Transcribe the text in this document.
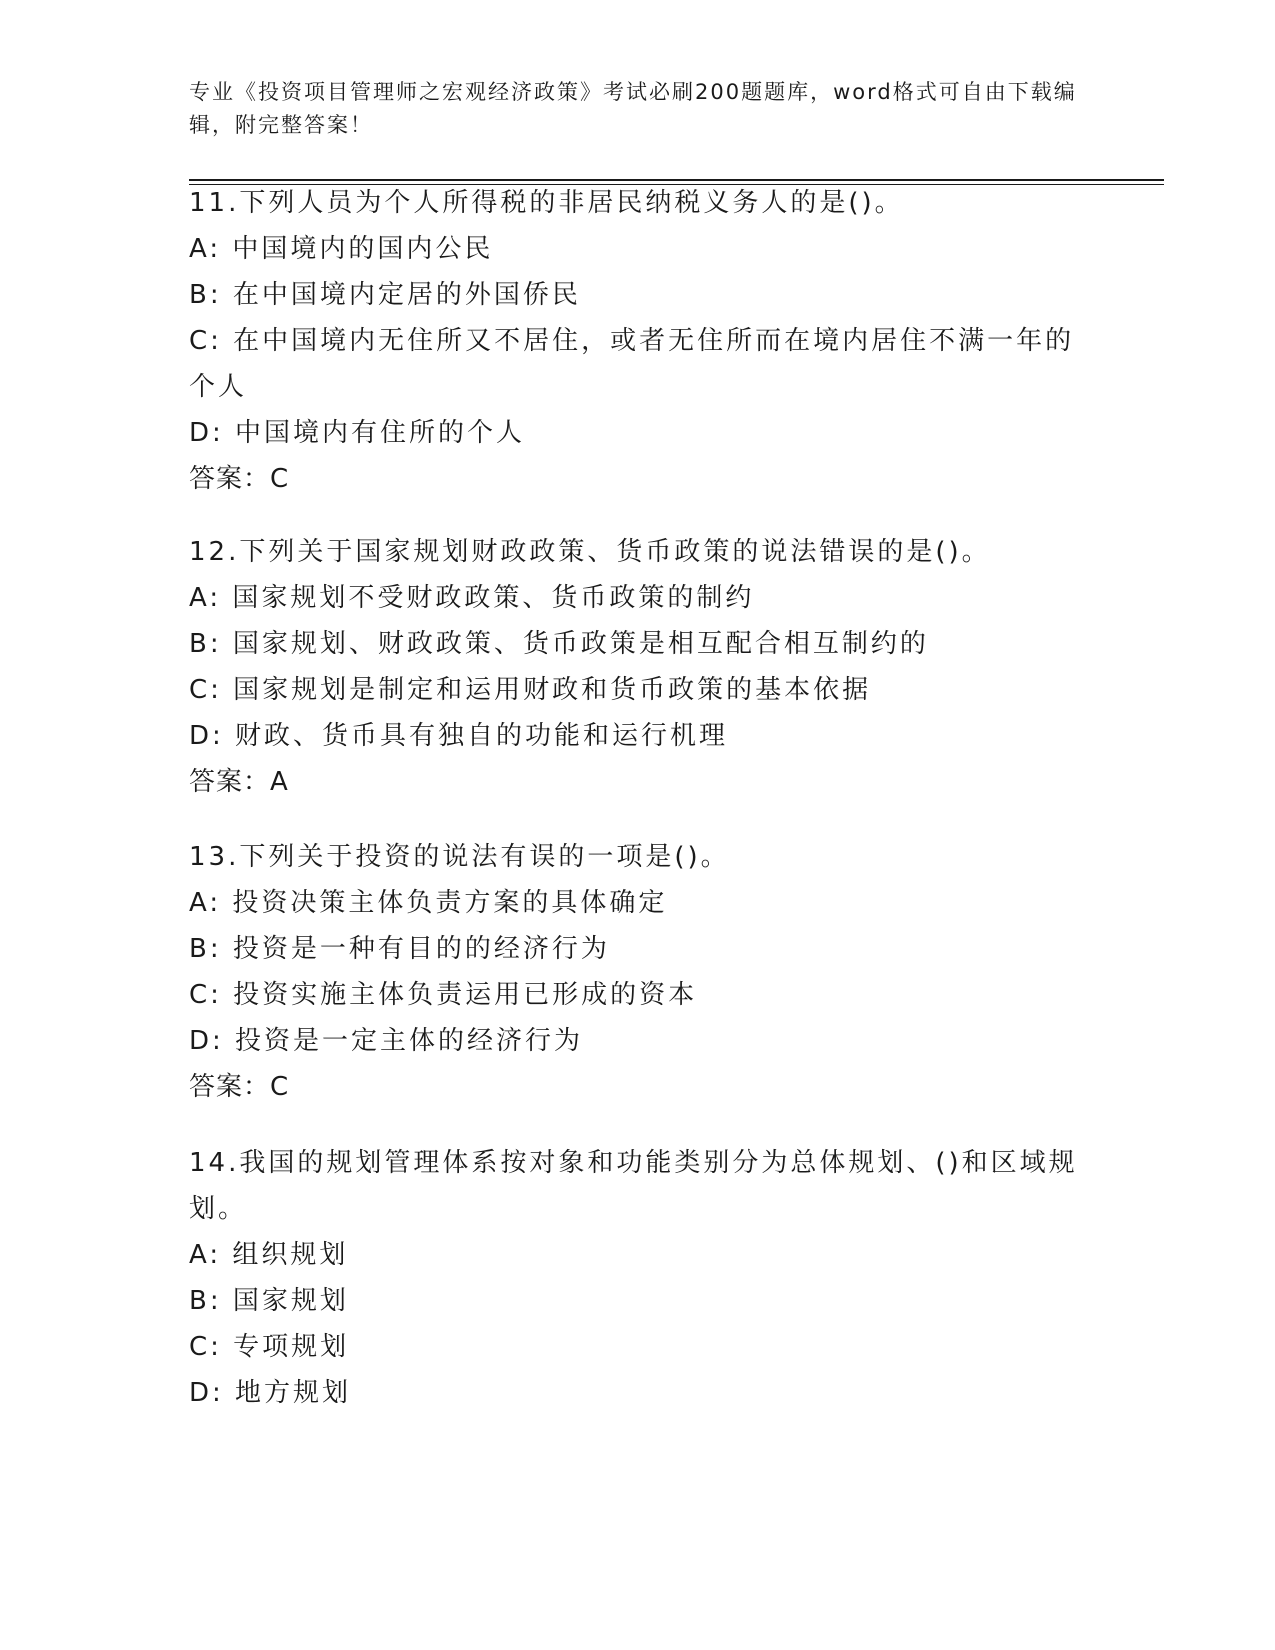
专业《投资项目管理师之宏观经济政策》考试必刷200题题库，word格式可自由下载编辑，附完整答案！
11.下列人员为个人所得税的非居民纳税义务人的是()。
A: 中国境内的国内公民
B: 在中国境内定居的外国侨民
C: 在中国境内无住所又不居住，或者无住所而在境内居住不满一年的个人
D: 中国境内有住所的个人
答案：C
12.下列关于国家规划财政政策、货币政策的说法错误的是()。
A: 国家规划不受财政政策、货币政策的制约
B: 国家规划、财政政策、货币政策是相互配合相互制约的
C: 国家规划是制定和运用财政和货币政策的基本依据
D: 财政、货币具有独自的功能和运行机理
答案：A
13.下列关于投资的说法有误的一项是()。
A: 投资决策主体负责方案的具体确定
B: 投资是一种有目的的经济行为
C: 投资实施主体负责运用已形成的资本
D: 投资是一定主体的经济行为
答案：C
14.我国的规划管理体系按对象和功能类别分为总体规划、()和区域规划。
A: 组织规划
B: 国家规划
C: 专项规划
D: 地方规划
